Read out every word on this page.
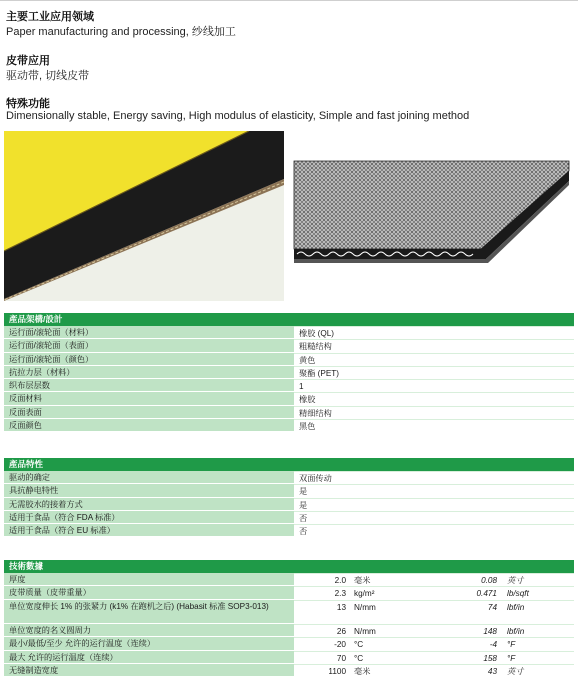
主要工业应用领域
Paper manufacturing and processing, 纱线加工
皮带应用
驱动带, 切线皮带
特殊功能
Dimensionally stable, Energy saving, High modulus of elasticity, Simple and fast joining method
產品架構/設計
运行面/滚轮面（材料）	橡胶 (QL)
运行面/滚轮面（表面）	粗糙结构
运行面/滚轮面（颜色）	黄色
抗拉力层（材料）	聚酯 (PET)
织布层层数	1
反面材料	橡胶
反面表面	精细结构
反面颜色	黑色
產品特性
驱动的确定	双面传动
具抗静电特性	是
无需胶水的接着方式	是
适用于食品（符合 FDA 标准）	否
适用于食品（符合 EU 标准）	否
技術數據
厚度	2.0 毫米	0.08	英寸
皮带质量（皮带重量）	2.3 kg/m²	0.471	lb/sqft
单位宽度伸长 1% 的张紧力 (k1% 在跑机之后) (Habasit 标准 SOP3-013)	13 N/mm	74	lbf/in
单位宽度的名义圆周力	26 N/mm	148	lbf/in
最小/最低/至少 允许的运行温度（连续）	-20 °C	-4	°F
最大 允许的运行温度（连续）	70 °C	158	°F
无缝制造宽度	1100 毫米	43	英寸
